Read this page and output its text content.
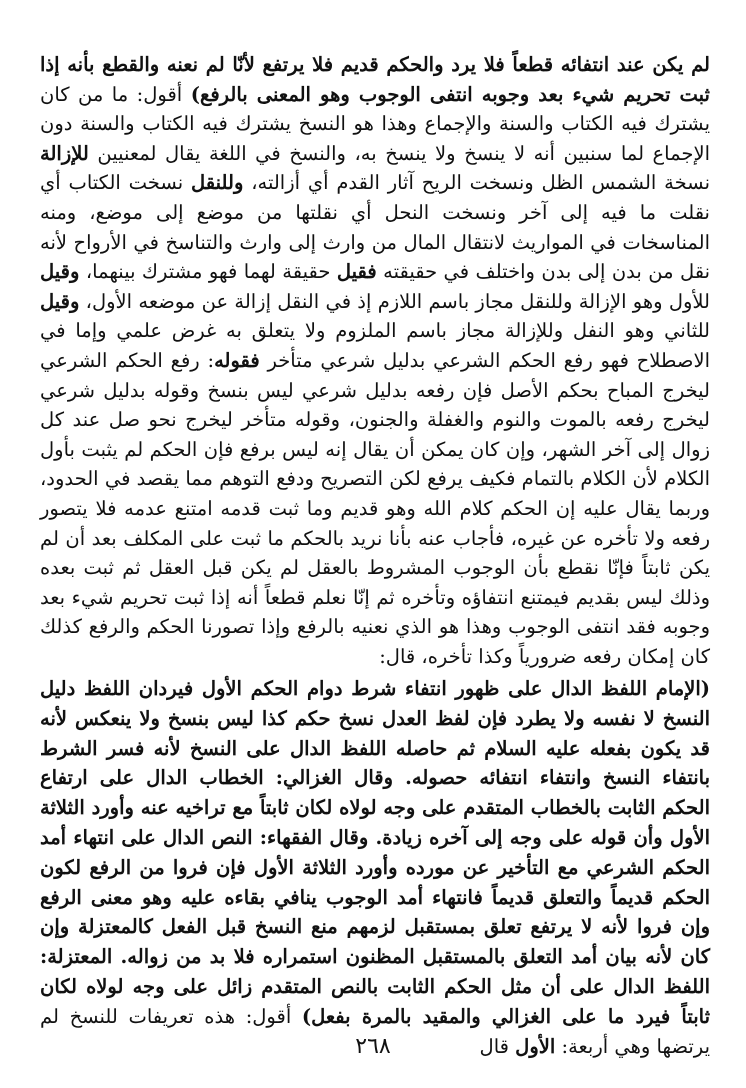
لم يكن عند انتفائه قطعاً فلا يرد والحكم قديم فلا يرتفع لأنّا لم نعنه والقطع بأنه إذا ثبت تحريم شيء بعد وجوبه انتفى الوجوب وهو المعنى بالرفع) أقول: ما من كان يشترك فيه الكتاب والسنة والإجماع وهذا هو النسخ يشترك فيه الكتاب والسنة دون الإجماع لما سنبين أنه لا ينسخ ولا ينسخ به، والنسخ في اللغة يقال لمعنيين للإزالة نسخة الشمس الظل ونسخت الريح آثار القدم أي أزالته، وللنقل نسخت الكتاب أي نقلت ما فيه إلى آخر ونسخت النحل أي نقلتها من موضع إلى موضع، ومنه المناسخات في المواريث لانتقال المال من وارث إلى وارث والتناسخ في الأرواح لأنه نقل من بدن إلى بدن واختلف في حقيقته فقيل حقيقة لهما فهو مشترك بينهما، وقيل للأول وهو الإزالة وللنقل مجاز باسم اللازم إذ في النقل إزالة عن موضعه الأول، وقيل للثاني وهو النفل وللإزالة مجاز باسم الملزوم ولا يتعلق به غرض علمي وإما في الاصطلاح فهو رفع الحكم الشرعي بدليل شرعي متأخر فقوله: رفع الحكم الشرعي ليخرج المباح بحكم الأصل فإن رفعه بدليل شرعي ليس بنسخ وقوله بدليل شرعي ليخرج رفعه بالموت والنوم والغفلة والجنون، وقوله متأخر ليخرج نحو صل عند كل زوال إلى آخر الشهر، وإن كان يمكن أن يقال إنه ليس برفع فإن الحكم لم يثبت بأول الكلام لأن الكلام بالتمام فكيف يرفع لكن التصريح ودفع التوهم مما يقصد في الحدود، وربما يقال عليه إن الحكم كلام الله وهو قديم وما ثبت قدمه امتنع عدمه فلا يتصور رفعه ولا تأخره عن غيره، فأجاب عنه بأنا نريد بالحكم ما ثبت على المكلف بعد أن لم يكن ثابتاً فإنّا نقطع بأن الوجوب المشروط بالعقل لم يكن قبل العقل ثم ثبت بعده وذلك ليس بقديم فيمتنع انتفاؤه وتأخره ثم إنّا نعلم قطعاً أنه إذا ثبت تحريم شيء بعد وجوبه فقد انتفى الوجوب وهذا هو الذي نعنيه بالرفع وإذا تصورنا الحكم والرفع كذلك كان إمكان رفعه ضرورياً وكذا تأخره، قال:
(الإمام اللفظ الدال على ظهور انتفاء شرط دوام الحكم الأول فيردان اللفظ دليل النسخ لا نفسه ولا يطرد فإن لفظ العدل نسخ حكم كذا ليس بنسخ ولا ينعكس لأنه قد يكون بفعله عليه السلام ثم حاصله اللفظ الدال على النسخ لأنه فسر الشرط بانتفاء النسخ وانتفاء انتفائه حصوله. وقال الغزالي: الخطاب الدال على ارتفاع الحكم الثابت بالخطاب المتقدم على وجه لولاه لكان ثابتاً مع تراخيه عنه وأورد الثلاثة الأول وأن قوله على وجه إلى آخره زيادة. وقال الفقهاء: النص الدال على انتهاء أمد الحكم الشرعي مع التأخير عن مورده وأورد الثلاثة الأول فإن فروا من الرفع لكون الحكم قديماً والتعلق قديماً فانتهاء أمد الوجوب ينافي بقاءه عليه وهو معنى الرفع وإن فروا لأنه لا يرتفع تعلق بمستقبل لزمهم منع النسخ قبل الفعل كالمعتزلة وإن كان لأنه بيان أمد التعلق بالمستقبل المظنون استمراره فلا بد من زواله. المعتزلة: اللفظ الدال على أن مثل الحكم الثابت بالنص المتقدم زائل على وجه لولاه لكان ثابتاً فيرد ما على الغزالي والمقيد بالمرة بفعل) أقول: هذه تعريفات للنسخ لم يرتضها وهي أربعة: الأول قال
٢٦٨
